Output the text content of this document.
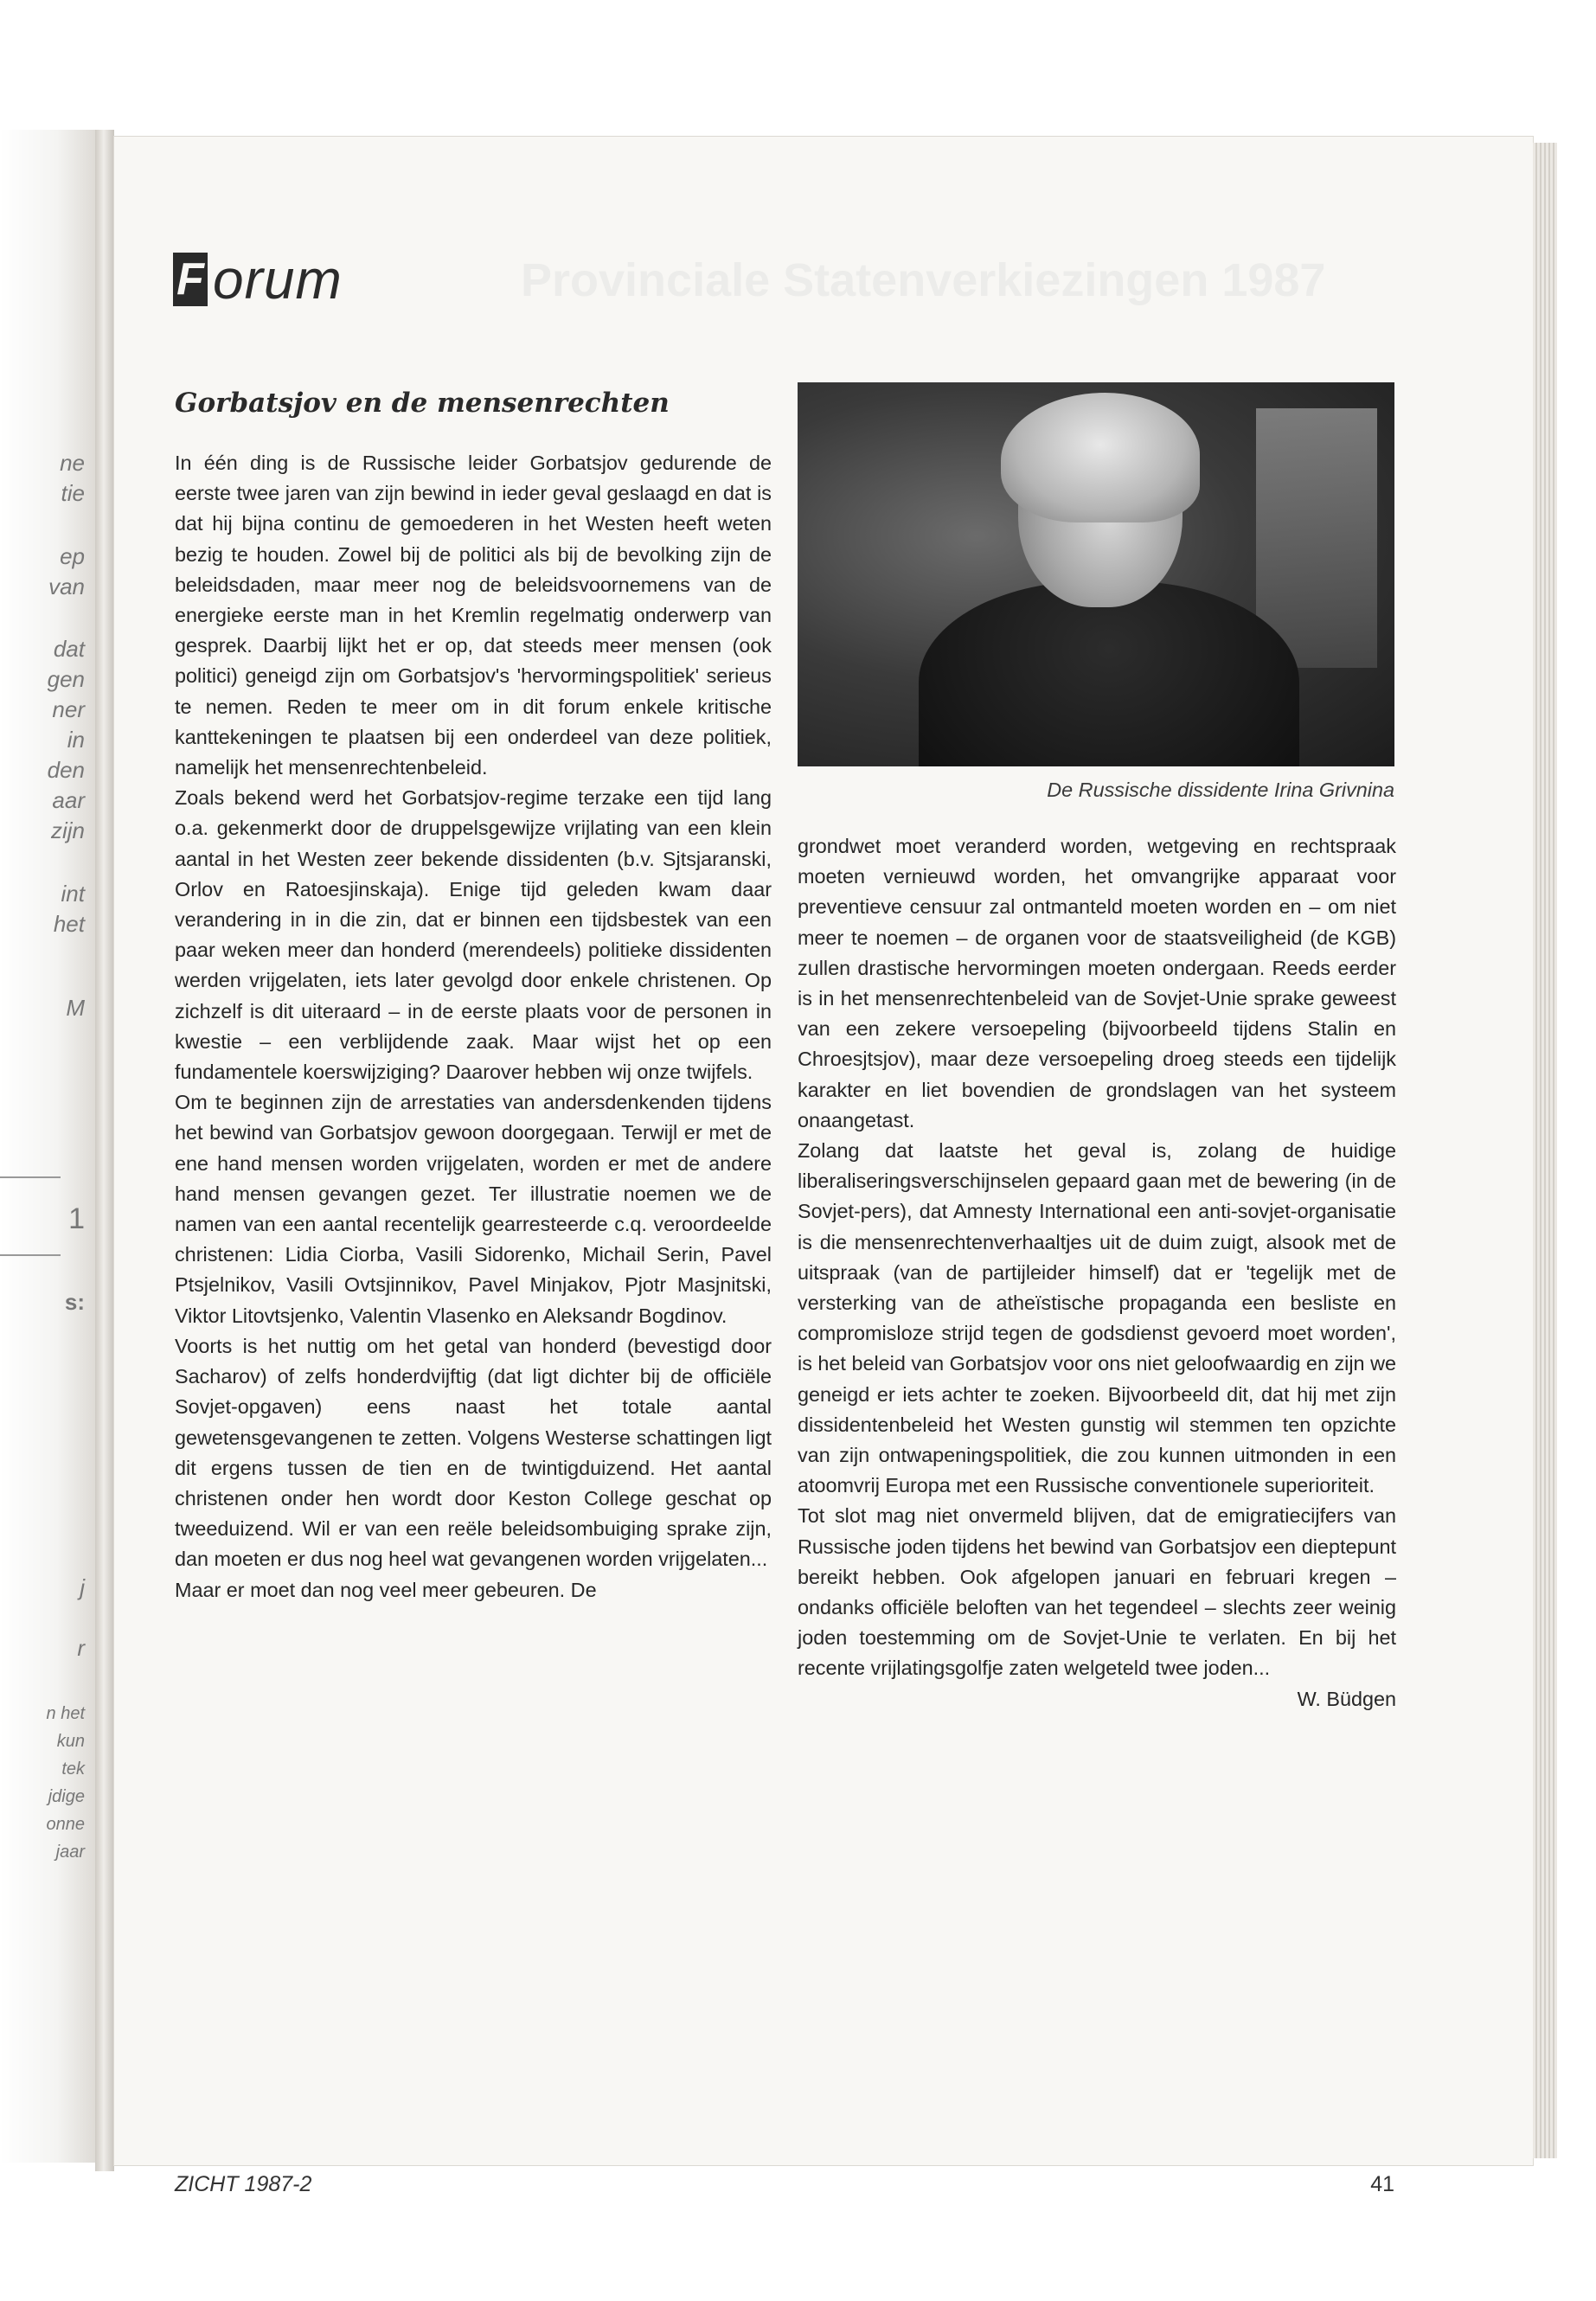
ne
tie
ep
van
dat
gen
ner
in
den
aar
zijn
int
het
M
1
s:
j
r
n het
kun
tek
jdige
onne
jaar
Provinciale Statenverkiezingen 1987
F orum
Gorbatsjov en de mensenrechten

In één ding is de Russische leider Gorbatsjov gedurende de eerste twee jaren van zijn bewind in ieder geval geslaagd en dat is dat hij bijna continu de gemoederen in het Westen heeft weten bezig te houden. Zowel bij de politici als bij de bevolking zijn de beleidsdaden, maar meer nog de beleidsvoornemens van de energieke eerste man in het Kremlin regelmatig onderwerp van gesprek. Daarbij lijkt het er op, dat steeds meer mensen (ook politici) geneigd zijn om Gorbatsjov's 'hervormingspolitiek' serieus te nemen. Reden te meer om in dit forum enkele kritische kanttekeningen te plaatsen bij een onderdeel van deze politiek, namelijk het mensenrechtenbeleid.

Zoals bekend werd het Gorbatsjov-regime terzake een tijd lang o.a. gekenmerkt door de druppelsgewijze vrijlating van een klein aantal in het Westen zeer bekende dissidenten (b.v. Sjtsjaranski, Orlov en Ratoesjinskaja). Enige tijd geleden kwam daar verandering in in die zin, dat er binnen een tijdsbestek van een paar weken meer dan honderd (merendeels) politieke dissidenten werden vrijgelaten, iets later gevolgd door enkele christenen. Op zichzelf is dit uiteraard – in de eerste plaats voor de personen in kwestie – een verblijdende zaak. Maar wijst het op een fundamentele koerswijziging? Daarover hebben wij onze twijfels.

Om te beginnen zijn de arrestaties van andersdenkenden tijdens het bewind van Gorbatsjov gewoon doorgegaan. Terwijl er met de ene hand mensen worden vrijgelaten, worden er met de andere hand mensen gevangen gezet. Ter illustratie noemen we de namen van een aantal recentelijk gearresteerde c.q. veroordeelde christenen: Lidia Ciorba, Vasili Sidorenko, Michail Serin, Pavel Ptsjelnikov, Vasili Ovtsjinnikov, Pavel Minjakov, Pjotr Masjnitski, Viktor Litovtsjenko, Valentin Vlasenko en Aleksandr Bogdinov.

Voorts is het nuttig om het getal van honderd (bevestigd door Sacharov) of zelfs honderdvijftig (dat ligt dichter bij de officiële Sovjet-opgaven) eens naast het totale aantal gewetensgevangenen te zetten. Volgens Westerse schattingen ligt dit ergens tussen de tien en de twintigduizend. Het aantal christenen onder hen wordt door Keston College geschat op tweeduizend. Wil er van een reële beleidsombuiging sprake zijn, dan moeten er dus nog heel wat gevangenen worden vrijgelaten...

Maar er moet dan nog veel meer gebeuren. De

De Russische dissidente Irina Grivnina

grondwet moet veranderd worden, wetgeving en rechtspraak moeten vernieuwd worden, het omvangrijke apparaat voor preventieve censuur zal ontmanteld moeten worden en – om niet meer te noemen – de organen voor de staatsveiligheid (de KGB) zullen drastische hervormingen moeten ondergaan. Reeds eerder is in het mensenrechtenbeleid van de Sovjet-Unie sprake geweest van een zekere versoepeling (bijvoorbeeld tijdens Stalin en Chroesjtsjov), maar deze versoepeling droeg steeds een tijdelijk karakter en liet bovendien de grondslagen van het systeem onaangetast.

Zolang dat laatste het geval is, zolang de huidige liberaliseringsverschijnselen gepaard gaan met de bewering (in de Sovjet-pers), dat Amnesty International een anti-sovjet-organisatie is die mensenrechtenverhaaltjes uit de duim zuigt, alsook met de uitspraak (van de partijleider himself) dat er 'tegelijk met de versterking van de atheïstische propaganda een besliste en compromisloze strijd tegen de godsdienst gevoerd moet worden', is het beleid van Gorbatsjov voor ons niet geloofwaardig en zijn we geneigd er iets achter te zoeken. Bijvoorbeeld dit, dat hij met zijn dissidentenbeleid het Westen gunstig wil stemmen ten opzichte van zijn ontwapeningspolitiek, die zou kunnen uitmonden in een atoomvrij Europa met een Russische conventionele superioriteit.

Tot slot mag niet onvermeld blijven, dat de emigratiecijfers van Russische joden tijdens het bewind van Gorbatsjov een dieptepunt bereikt hebben. Ook afgelopen januari en februari kregen – ondanks officiële beloften van het tegendeel – slechts zeer weinig joden toestemming om de Sovjet-Unie te verlaten. En bij het recente vrijlatingsgolfje zaten welgeteld twee joden...

W. Büdgen

ZICHT 1987-2	41
